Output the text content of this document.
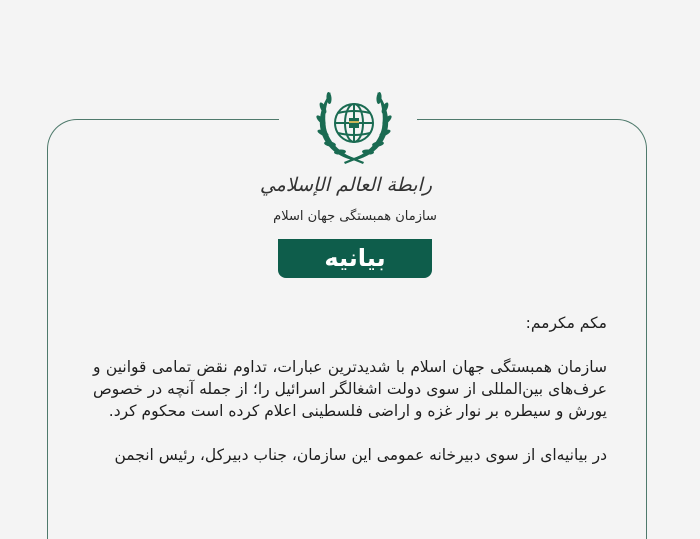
رابطة العالم الإسلامي
سازمان همبستگی جهان اسلام
بیانیه

مکم مکرمم:

سازمان همبستگی جهان اسلام با شدیدترین عبارات، تداوم نقض تمامی قوانین و عرف‌های بین‌المللی از سوی دولت اشغالگر اسرائیل را؛ از جمله آنچه در خصوص یورش و سیطره بر نوار غزه و اراضی فلسطینی اعلام کرده است محکوم کرد.

در بیانیه‌ای از سوی دبیرخانه عمومی این سازمان، جناب دبیرکل، رئیس انجمن
